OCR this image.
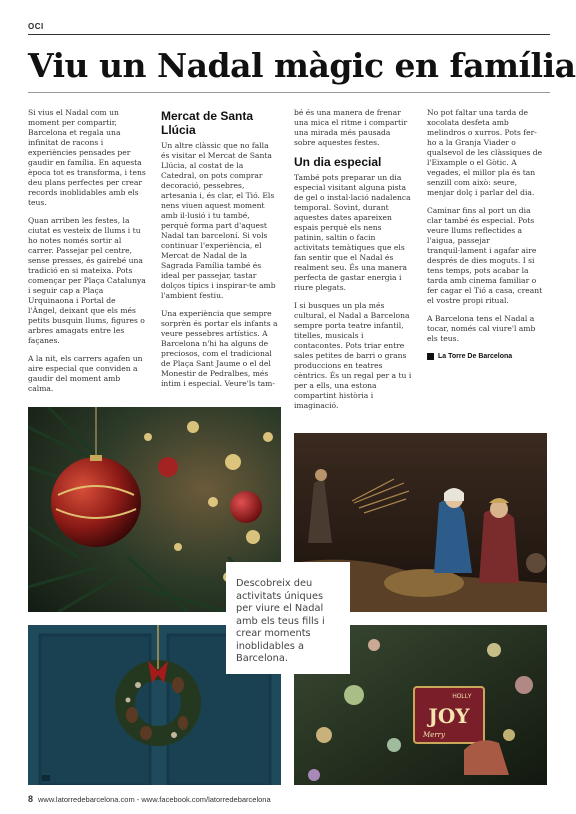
OCI
Viu un Nadal màgic en família

Si vius el Nadal com un moment per compartir, Barcelona et regala una infinitat de racons i experiències pensades per gaudir en família. En aquesta època tot es transforma, i tens deu plans perfectes per crear records inoblidables amb els teus.

Quan arriben les festes, la ciutat es vesteix de llums i tu ho notes només sortir al carrer. Passejar pel centre, sense presses, és gairebé una tradició en si mateixa. Pots començar per Plaça Catalunya i seguir cap a Plaça Urquinaona i Portal de l'Àngel, deixant que els més petits busquin llums, figures o arbres amagats entre les façanes.

A la nit, els carrers agafen un aire especial que conviden a gaudir del moment amb calma.

Mercat de Santa Llúcia

Un altre clàssic que no falla és visitar el Mercat de Santa Llúcia, al costat de la Catedral, on pots comprar decoració, pessebres, artesania i, és clar, el Tió. Els nens viuen aquest moment amb il·lusió i tu també, perquè forma part d'aquest Nadal tan barceloní. Si vols continuar l'experiència, el Mercat de Nadal de la Sagrada Família també és ideal per passejar, tastar dolços típics i inspirar-te amb l'ambient festiu.

Una experiència que sempre sorprèn és portar els infants a veure pessebres artístics. A Barcelona n'hi ha alguns de preciosos, com el tradicional de Plaça Sant Jaume o el del Monestir de Pedralbes, més íntim i especial. Veure'ls tam-

bé és una manera de frenar una mica el ritme i compartir una mirada més pausada sobre aquestes festes.

Un dia especial

També pots preparar un dia especial visitant alguna pista de gel o instal·lació nadalenca temporal. Sovint, durant aquestes dates apareixen espais perquè els nens patinin, saltin o facin activitats temàtiques que els fan sentir que el Nadal és realment seu. És una manera perfecta de gastar energia i riure plegats.

I si busques un pla més cultural, el Nadal a Barcelona sempre porta teatre infantil, titelles, musicals i contacontes. Pots triar entre sales petites de barri o grans produccions en teatres cèntrics. És un regal per a tu i per a ells, una estona compartint història i imaginació.

No pot faltar una tarda de xocolata desfeta amb melindros o xurros. Pots fer-ho a la Granja Viader o qualsevol de les clàssiques de l'Eixample o el Gòtic. A vegades, el millor pla és tan senzill com això: seure, menjar dolç i parlar del dia.

Caminar fins al port un dia clar també és especial. Pots veure llums reflectides a l'aigua, passejar tranquil·lament i agafar aire després de dies moguts. I si tens temps, pots acabar la tarda amb cinema familiar o fer cagar el Tió a casa, creant el vostre propi ritual.

A Barcelona tens el Nadal a tocar, només cal viure'l amb els teus.

La Torre De Barcelona
JOY
HOLLY
Merry
Descobreix deu activitats úniques per viure el Nadal amb els teus fills i crear moments inoblidables a Barcelona.
8 www.latorredebarcelona.com - www.facebook.com/latorredebarcelona
